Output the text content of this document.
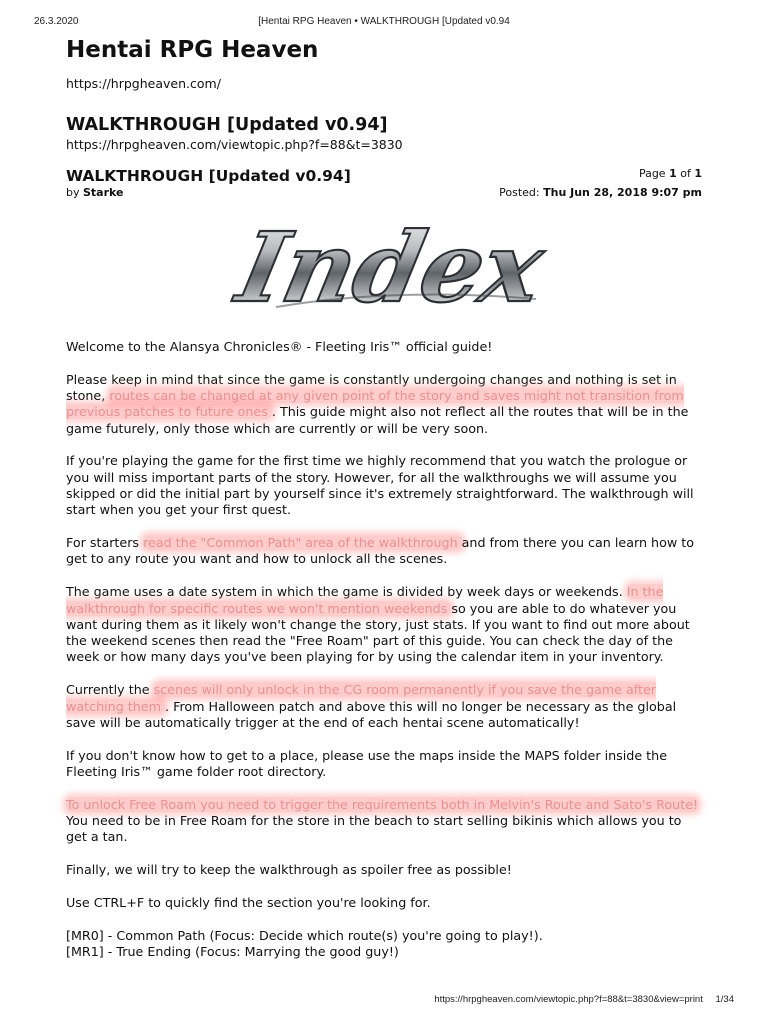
26.3.2020	[Hentai RPG Heaven • WALKTHROUGH [Updated v0.94
Hentai RPG Heaven
https://hrpgheaven.com/
WALKTHROUGH [Updated v0.94]
https://hrpgheaven.com/viewtopic.php?f=88&t=3830
WALKTHROUGH [Updated v0.94]
by Starke
Page 1 of 1
Posted: Thu Jun 28, 2018 9:07 pm
Index

Welcome to the Alansya Chronicles® - Fleeting Iris™ official guide!

Please keep in mind that since the game is constantly undergoing changes and nothing is set in stone, routes can be changed at any given point of the story and saves might not transition from previous patches to future ones . This guide might also not reflect all the routes that will be in the game futurely, only those which are currently or will be very soon.

If you're playing the game for the first time we highly recommend that you watch the prologue or you will miss important parts of the story. However, for all the walkthroughs we will assume you skipped or did the initial part by yourself since it's extremely straightforward. The walkthrough will start when you get your first quest.

For starters read the "Common Path" area of the walkthrough and from there you can learn how to get to any route you want and how to unlock all the scenes.

The game uses a date system in which the game is divided by week days or weekends. In the walkthrough for specific routes we won't mention weekends so you are able to do whatever you want during them as it likely won't change the story, just stats. If you want to find out more about the weekend scenes then read the "Free Roam" part of this guide. You can check the day of the week or how many days you've been playing for by using the calendar item in your inventory.

Currently the scenes will only unlock in the CG room permanently if you save the game after watching them . From Halloween patch and above this will no longer be necessary as the global save will be automatically trigger at the end of each hentai scene automatically!

If you don't know how to get to a place, please use the maps inside the MAPS folder inside the Fleeting Iris™ game folder root directory.

To unlock Free Roam you need to trigger the requirements both in Melvin's Route and Sato's Route! You need to be in Free Roam for the store in the beach to start selling bikinis which allows you to get a tan.

Finally, we will try to keep the walkthrough as spoiler free as possible!

Use CTRL+F to quickly find the section you're looking for.

[MR0] - Common Path (Focus: Decide which route(s) you're going to play!).

[MR1] - True Ending (Focus: Marrying the good guy!)

https://hrpgheaven.com/viewtopic.php?f=88&t=3830&view=print 1/34
